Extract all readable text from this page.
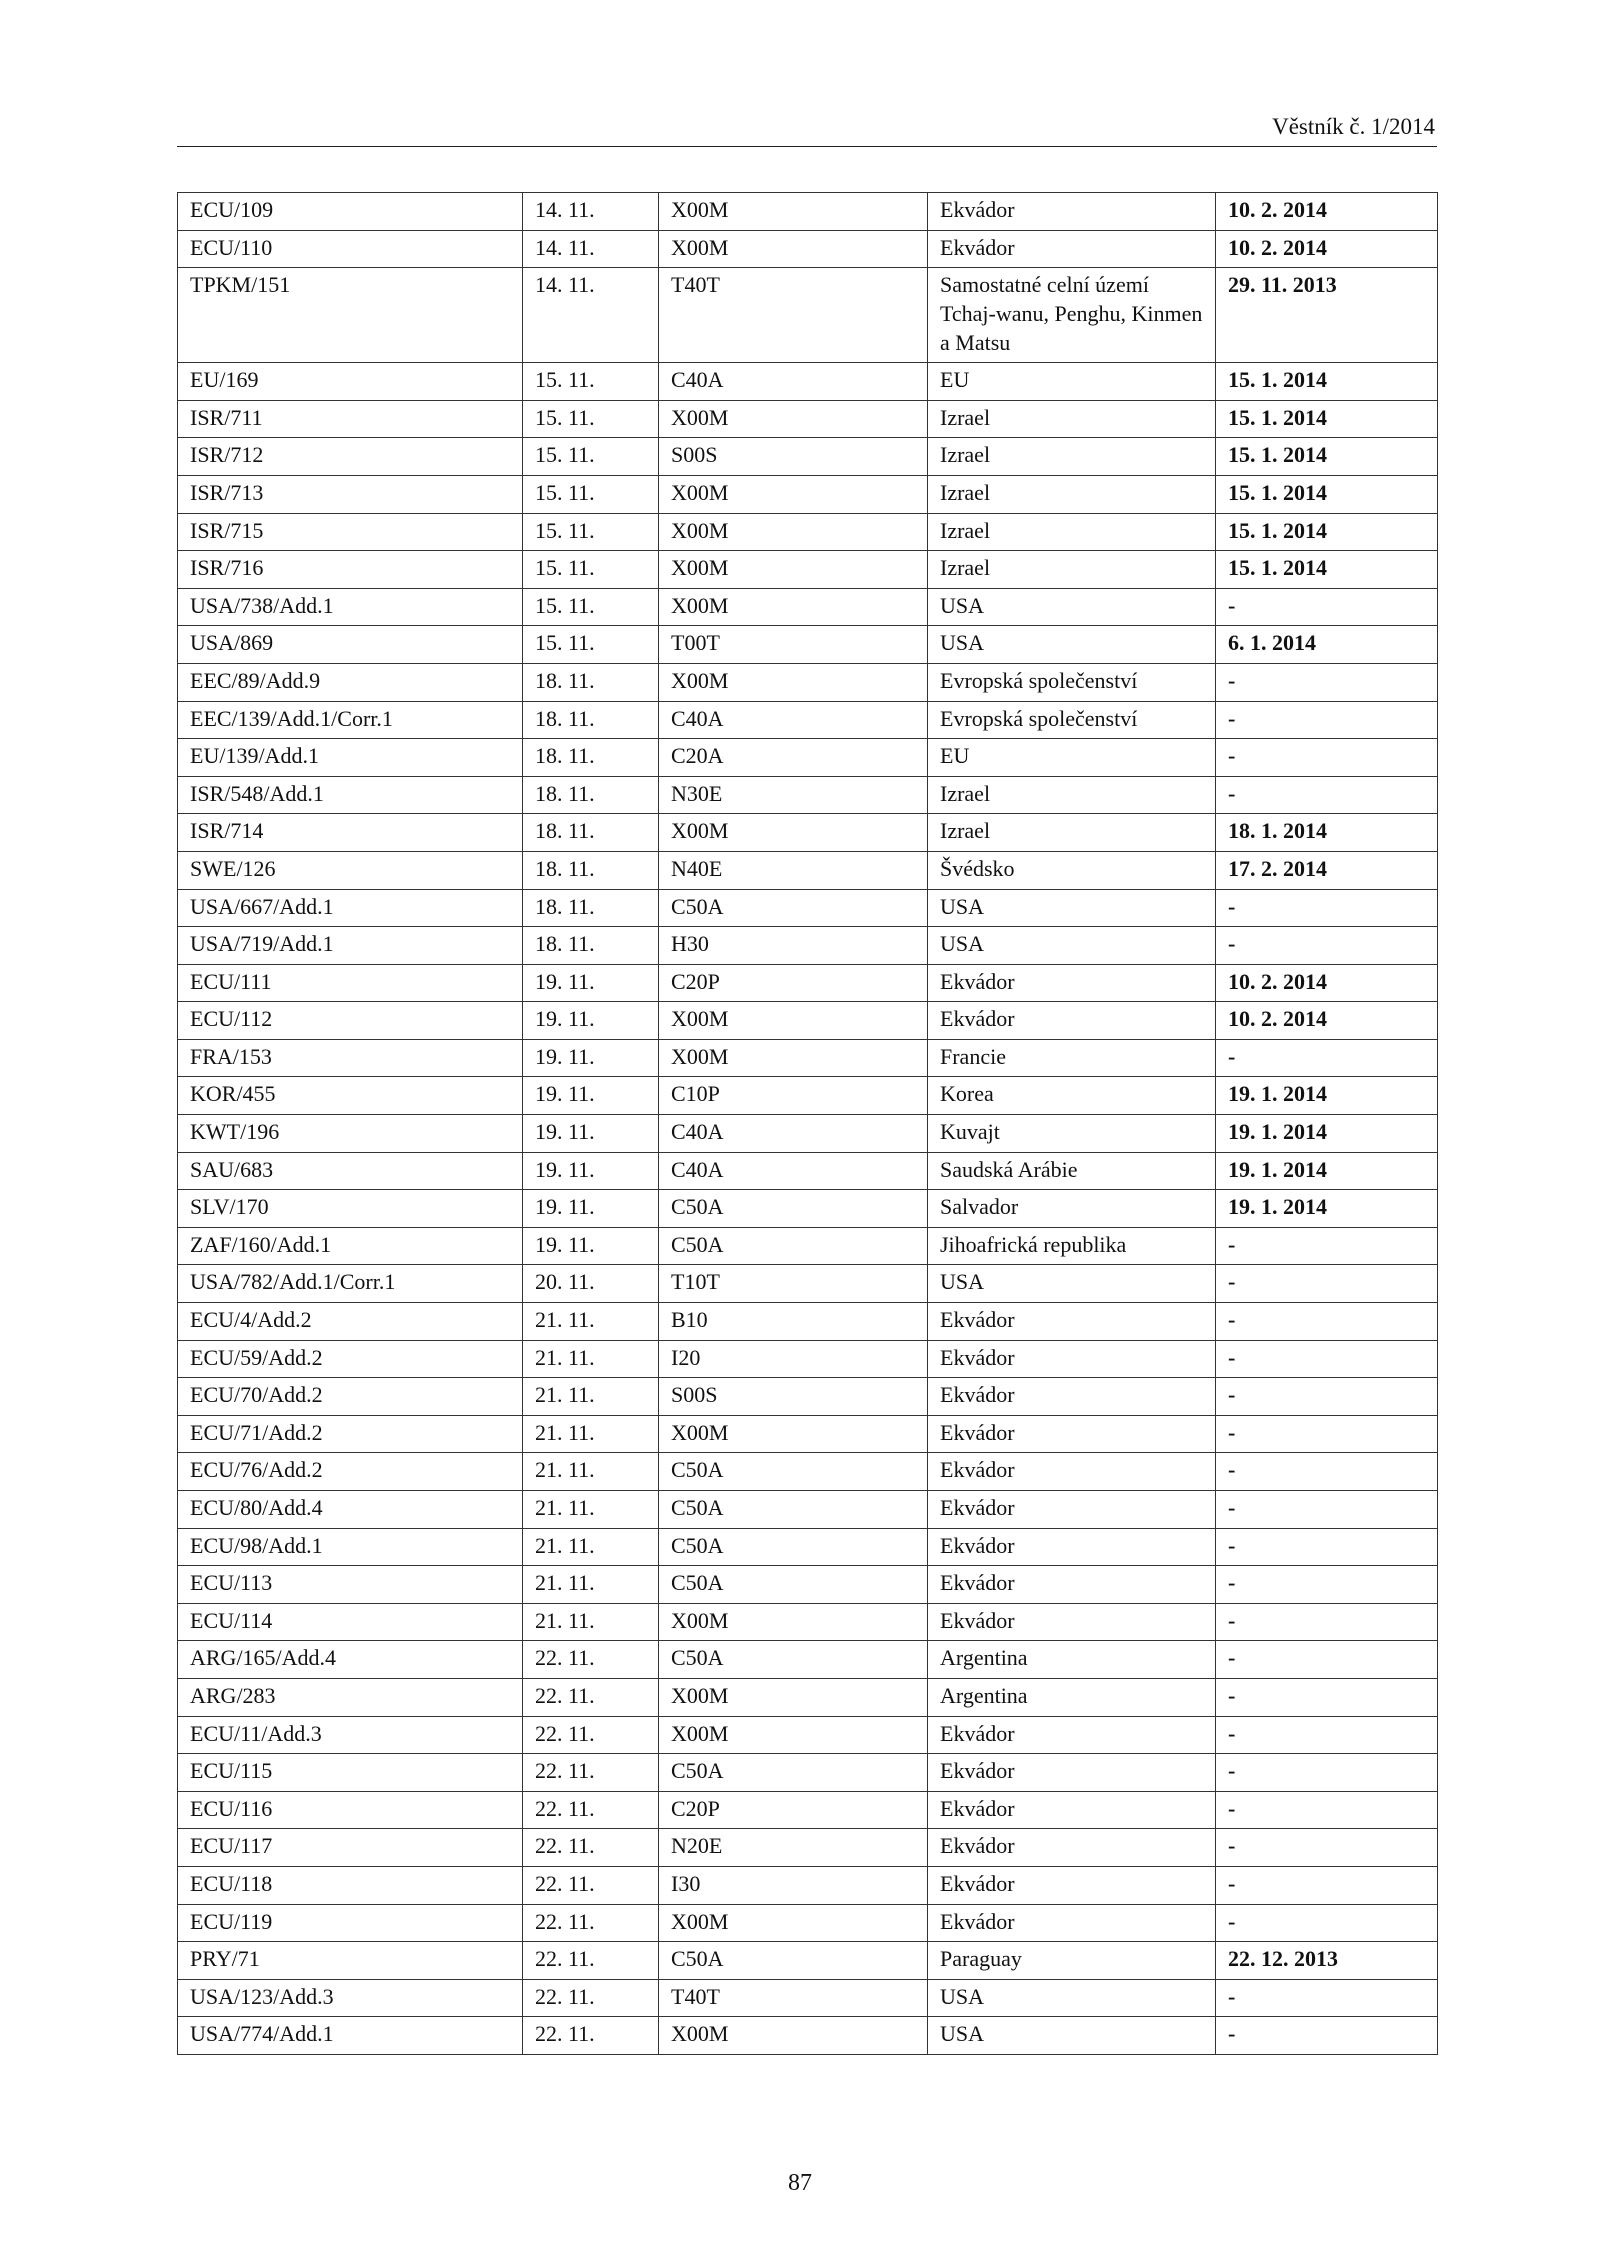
Věstník č. 1/2014
ECU/109	14. 11.	X00M	Ekvádor	10. 2. 2014
ECU/110	14. 11.	X00M	Ekvádor	10. 2. 2014
TPKM/151	14. 11.	T40T	Samostatné celní území Tchaj-wanu, Penghu, Kinmen a Matsu	29. 11. 2013
EU/169	15. 11.	C40A	EU	15. 1. 2014
ISR/711	15. 11.	X00M	Izrael	15. 1. 2014
ISR/712	15. 11.	S00S	Izrael	15. 1. 2014
ISR/713	15. 11.	X00M	Izrael	15. 1. 2014
ISR/715	15. 11.	X00M	Izrael	15. 1. 2014
ISR/716	15. 11.	X00M	Izrael	15. 1. 2014
USA/738/Add.1	15. 11.	X00M	USA	-
USA/869	15. 11.	T00T	USA	6. 1. 2014
EEC/89/Add.9	18. 11.	X00M	Evropská společenství	-
EEC/139/Add.1/Corr.1	18. 11.	C40A	Evropská společenství	-
EU/139/Add.1	18. 11.	C20A	EU	-
ISR/548/Add.1	18. 11.	N30E	Izrael	-
ISR/714	18. 11.	X00M	Izrael	18. 1. 2014
SWE/126	18. 11.	N40E	Švédsko	17. 2. 2014
USA/667/Add.1	18. 11.	C50A	USA	-
USA/719/Add.1	18. 11.	H30	USA	-
ECU/111	19. 11.	C20P	Ekvádor	10. 2. 2014
ECU/112	19. 11.	X00M	Ekvádor	10. 2. 2014
FRA/153	19. 11.	X00M	Francie	-
KOR/455	19. 11.	C10P	Korea	19. 1. 2014
KWT/196	19. 11.	C40A	Kuvajt	19. 1. 2014
SAU/683	19. 11.	C40A	Saudská Arábie	19. 1. 2014
SLV/170	19. 11.	C50A	Salvador	19. 1. 2014
ZAF/160/Add.1	19. 11.	C50A	Jihoafrická republika	-
USA/782/Add.1/Corr.1	20. 11.	T10T	USA	-
ECU/4/Add.2	21. 11.	B10	Ekvádor	-
ECU/59/Add.2	21. 11.	I20	Ekvádor	-
ECU/70/Add.2	21. 11.	S00S	Ekvádor	-
ECU/71/Add.2	21. 11.	X00M	Ekvádor	-
ECU/76/Add.2	21. 11.	C50A	Ekvádor	-
ECU/80/Add.4	21. 11.	C50A	Ekvádor	-
ECU/98/Add.1	21. 11.	C50A	Ekvádor	-
ECU/113	21. 11.	C50A	Ekvádor	-
ECU/114	21. 11.	X00M	Ekvádor	-
ARG/165/Add.4	22. 11.	C50A	Argentina	-
ARG/283	22. 11.	X00M	Argentina	-
ECU/11/Add.3	22. 11.	X00M	Ekvádor	-
ECU/115	22. 11.	C50A	Ekvádor	-
ECU/116	22. 11.	C20P	Ekvádor	-
ECU/117	22. 11.	N20E	Ekvádor	-
ECU/118	22. 11.	I30	Ekvádor	-
ECU/119	22. 11.	X00M	Ekvádor	-
PRY/71	22. 11.	C50A	Paraguay	22. 12. 2013
USA/123/Add.3	22. 11.	T40T	USA	-
USA/774/Add.1	22. 11.	X00M	USA	-
87
